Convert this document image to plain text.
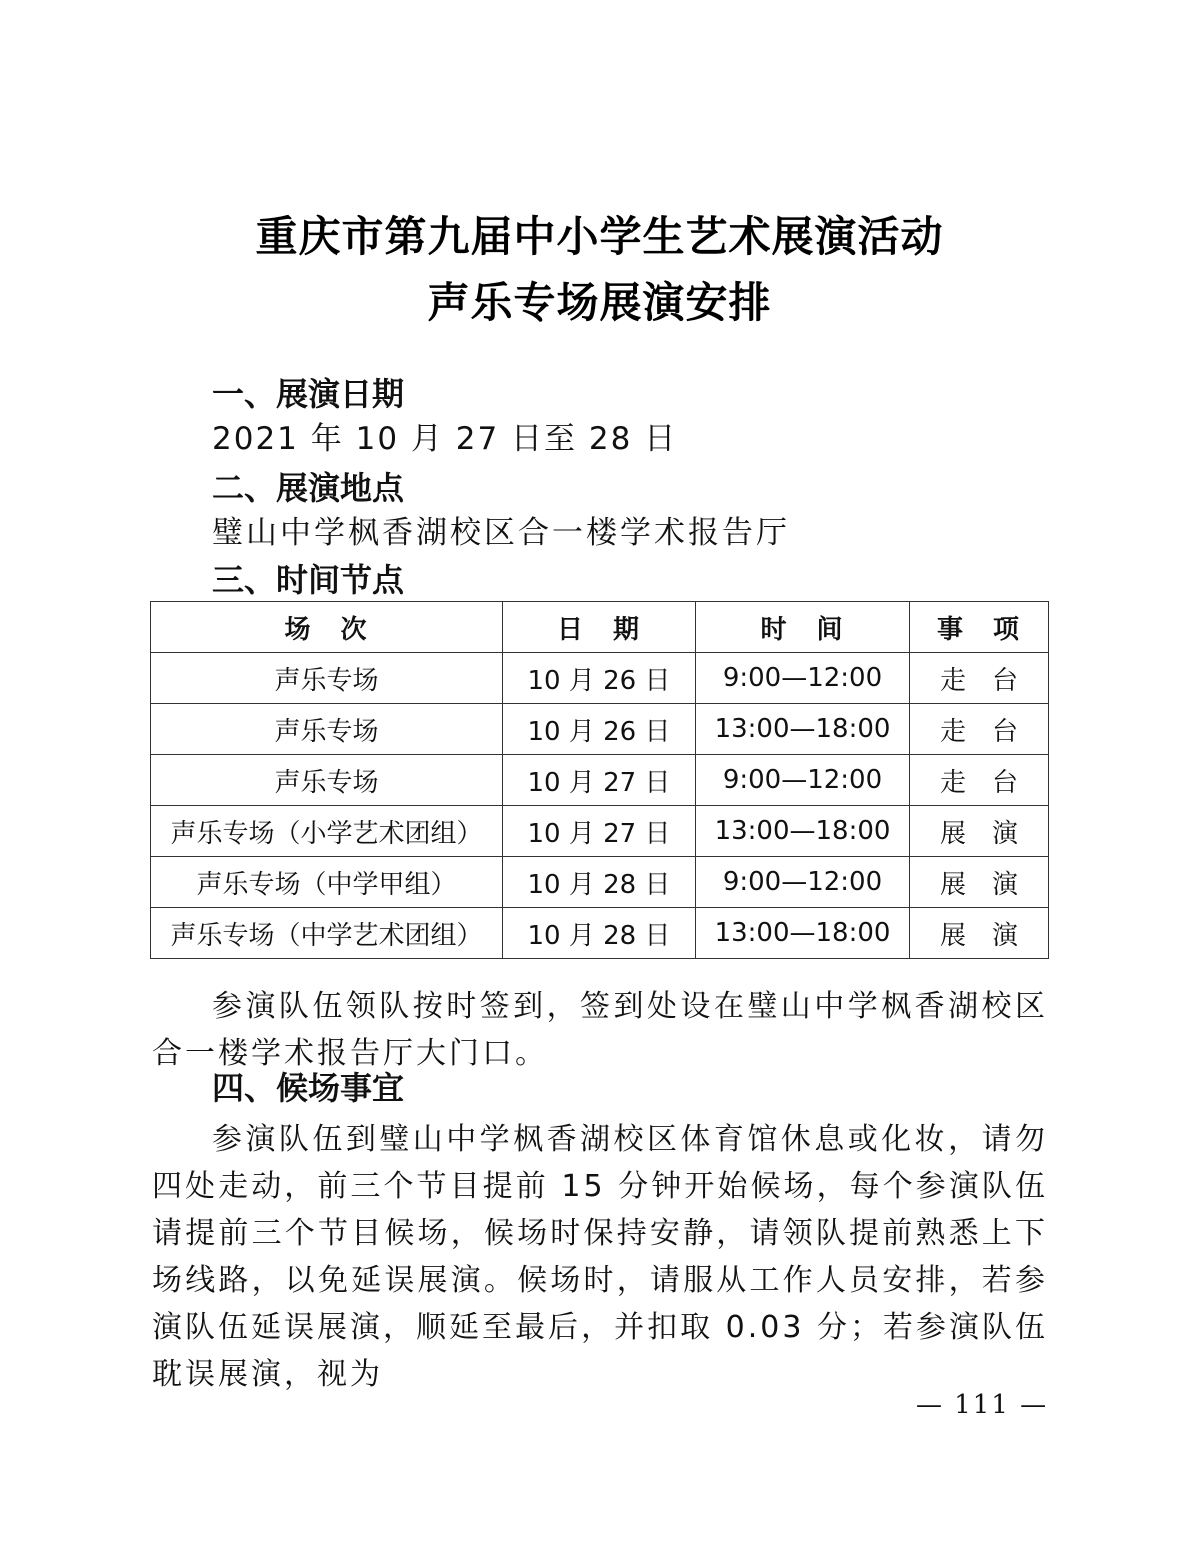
重庆市第九届中小学生艺术展演活动
声乐专场展演安排
一、展演日期
2021 年 10 月 27 日至 28 日
二、展演地点
璧山中学枫香湖校区合一楼学术报告厅
三、时间节点
场　次	日　期	时　间	事　项
声乐专场	10 月 26 日	9:00—12:00	走　台
声乐专场	10 月 26 日	13:00—18:00	走　台
声乐专场	10 月 27 日	9:00—12:00	走　台
声乐专场（小学艺术团组）	10 月 27 日	13:00—18:00	展　演
声乐专场（中学甲组）	10 月 28 日	9:00—12:00	展　演
声乐专场（中学艺术团组）	10 月 28 日	13:00—18:00	展　演
参演队伍领队按时签到，签到处设在璧山中学枫香湖校区合一楼学术报告厅大门口。
四、候场事宜
参演队伍到璧山中学枫香湖校区体育馆休息或化妆，请勿四处走动，前三个节目提前 15 分钟开始候场，每个参演队伍请提前三个节目候场，候场时保持安静，请领队提前熟悉上下场线路，以免延误展演。候场时，请服从工作人员安排，若参演队伍延误展演，顺延至最后，并扣取 0.03 分；若参演队伍耽误展演，视为
— 111 —
